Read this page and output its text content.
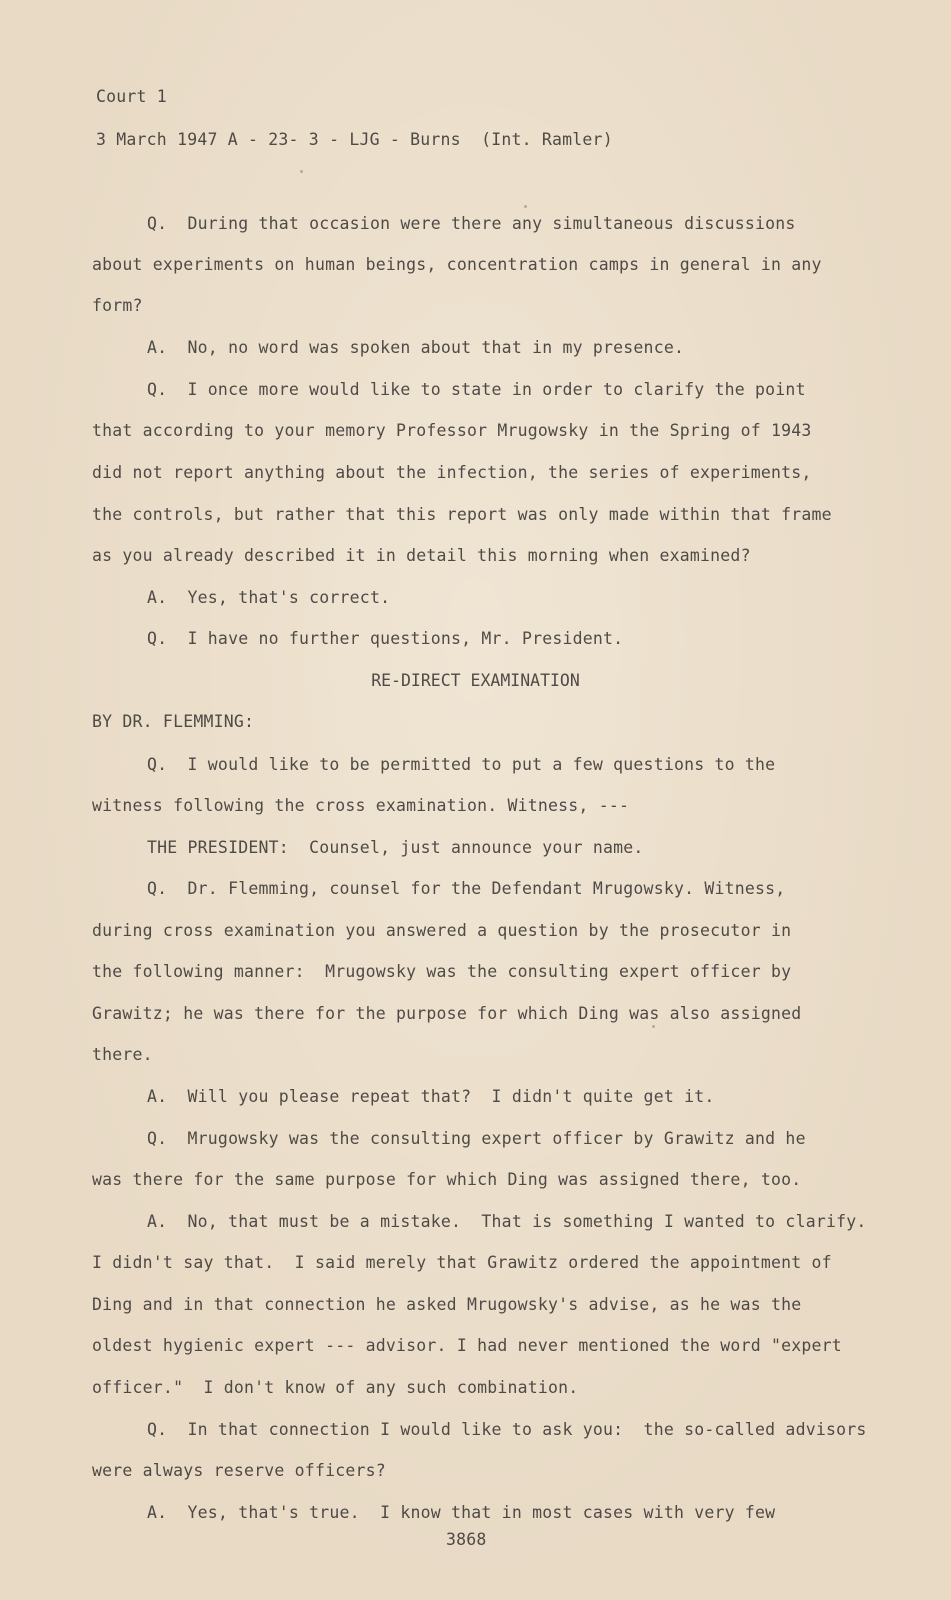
Court 1
3 March 1947 A - 23- 3 - LJG - Burns  (Int. Ramler)
Q.  During that occasion were there any simultaneous discussions
about experiments on human beings, concentration camps in general in any
form?
A.  No, no word was spoken about that in my presence.
Q.  I once more would like to state in order to clarify the point
that according to your memory Professor Mrugowsky in the Spring of 1943
did not report anything about the infection, the series of experiments,
the controls, but rather that this report was only made within that frame
as you already described it in detail this morning when examined?
A.  Yes, that's correct.
Q.  I have no further questions, Mr. President.
RE-DIRECT EXAMINATION
BY DR. FLEMMING:
Q.  I would like to be permitted to put a few questions to the
witness following the cross examination. Witness, ---
THE PRESIDENT:  Counsel, just announce your name.
Q.  Dr. Flemming, counsel for the Defendant Mrugowsky. Witness,
during cross examination you answered a question by the prosecutor in
the following manner:  Mrugowsky was the consulting expert officer by
Grawitz; he was there for the purpose for which Ding was also assigned
there.
A.  Will you please repeat that?  I didn't quite get it.
Q.  Mrugowsky was the consulting expert officer by Grawitz and he
was there for the same purpose for which Ding was assigned there, too.
A.  No, that must be a mistake.  That is something I wanted to clarify.
I didn't say that.  I said merely that Grawitz ordered the appointment of
Ding and in that connection he asked Mrugowsky's advise, as he was the
oldest hygienic expert --- advisor. I had never mentioned the word "expert
officer."  I don't know of any such combination.
Q.  In that connection I would like to ask you:  the so-called advisors
were always reserve officers?
A.  Yes, that's true.  I know that in most cases with very few
3868
